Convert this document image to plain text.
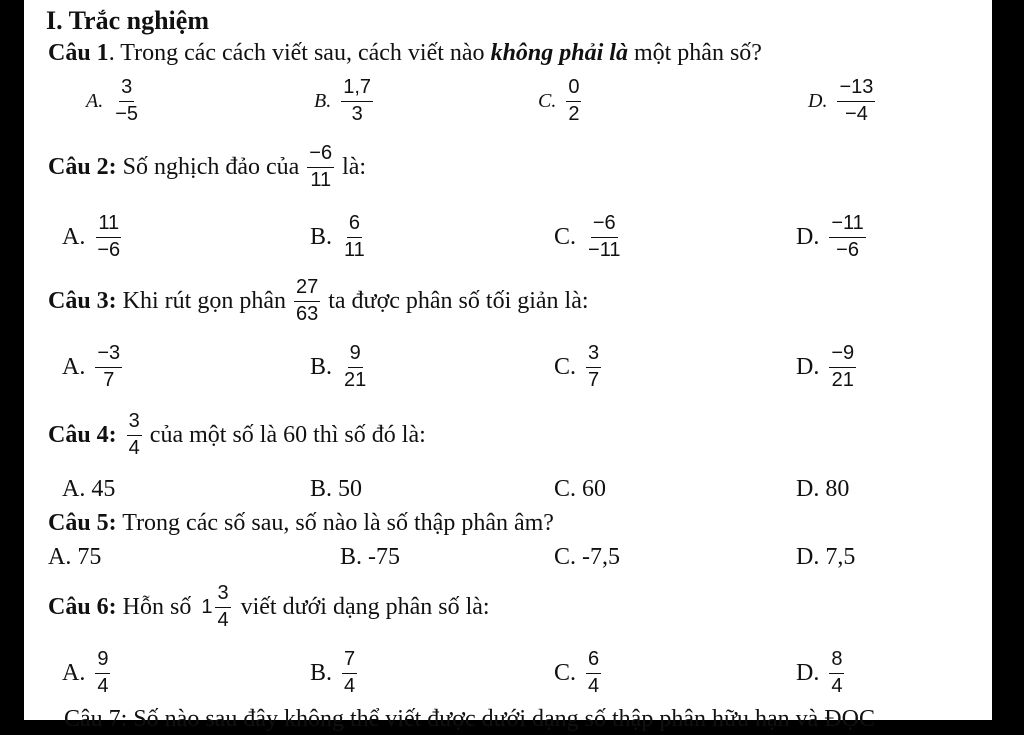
I. Trắc nghiệm
Câu 1. Trong các cách viết sau, cách viết nào không phải là một phân số?
A. $\frac{3}{-5}$	B. $\frac{1,7}{3}$	C. $\frac{0}{2}$	D. $\frac{-13}{-4}$
Câu 2:
Số nghịch đảo của $\frac{-6}{11}$ là:
A. $\frac{11}{-6}$	B. $\frac{6}{11}$	C. $\frac{-6}{-11}$	D. $\frac{-11}{-6}$
Câu 3:
Khi rút gọn phân $\frac{27}{63}$ ta được phân số tối giản là:
A. $\frac{-3}{7}$	B. $\frac{9}{21}$	C. $\frac{3}{7}$	D. $\frac{-9}{21}$
Câu 4: $\frac{3}{4}$ của một số là 60 thì số đó là:
A. 45	B. 50	C. 60	D. 80
Câu 5: Trong các số sau, số nào là số thập phân âm?
A. 75	B. -75	C. -7,5	D. 7,5
Câu 6:
Hỗn số $1 \frac{3}{4}$ viết dưới dạng phân số là:
A. $\frac{9}{4}$	B. $\frac{7}{4}$	C. $\frac{6}{4}$	D. $\frac{8}{4}$
Câu 7: Số nào sau đây không thể viết được dưới dạng số thập phân hữu hạn và ĐỌC
